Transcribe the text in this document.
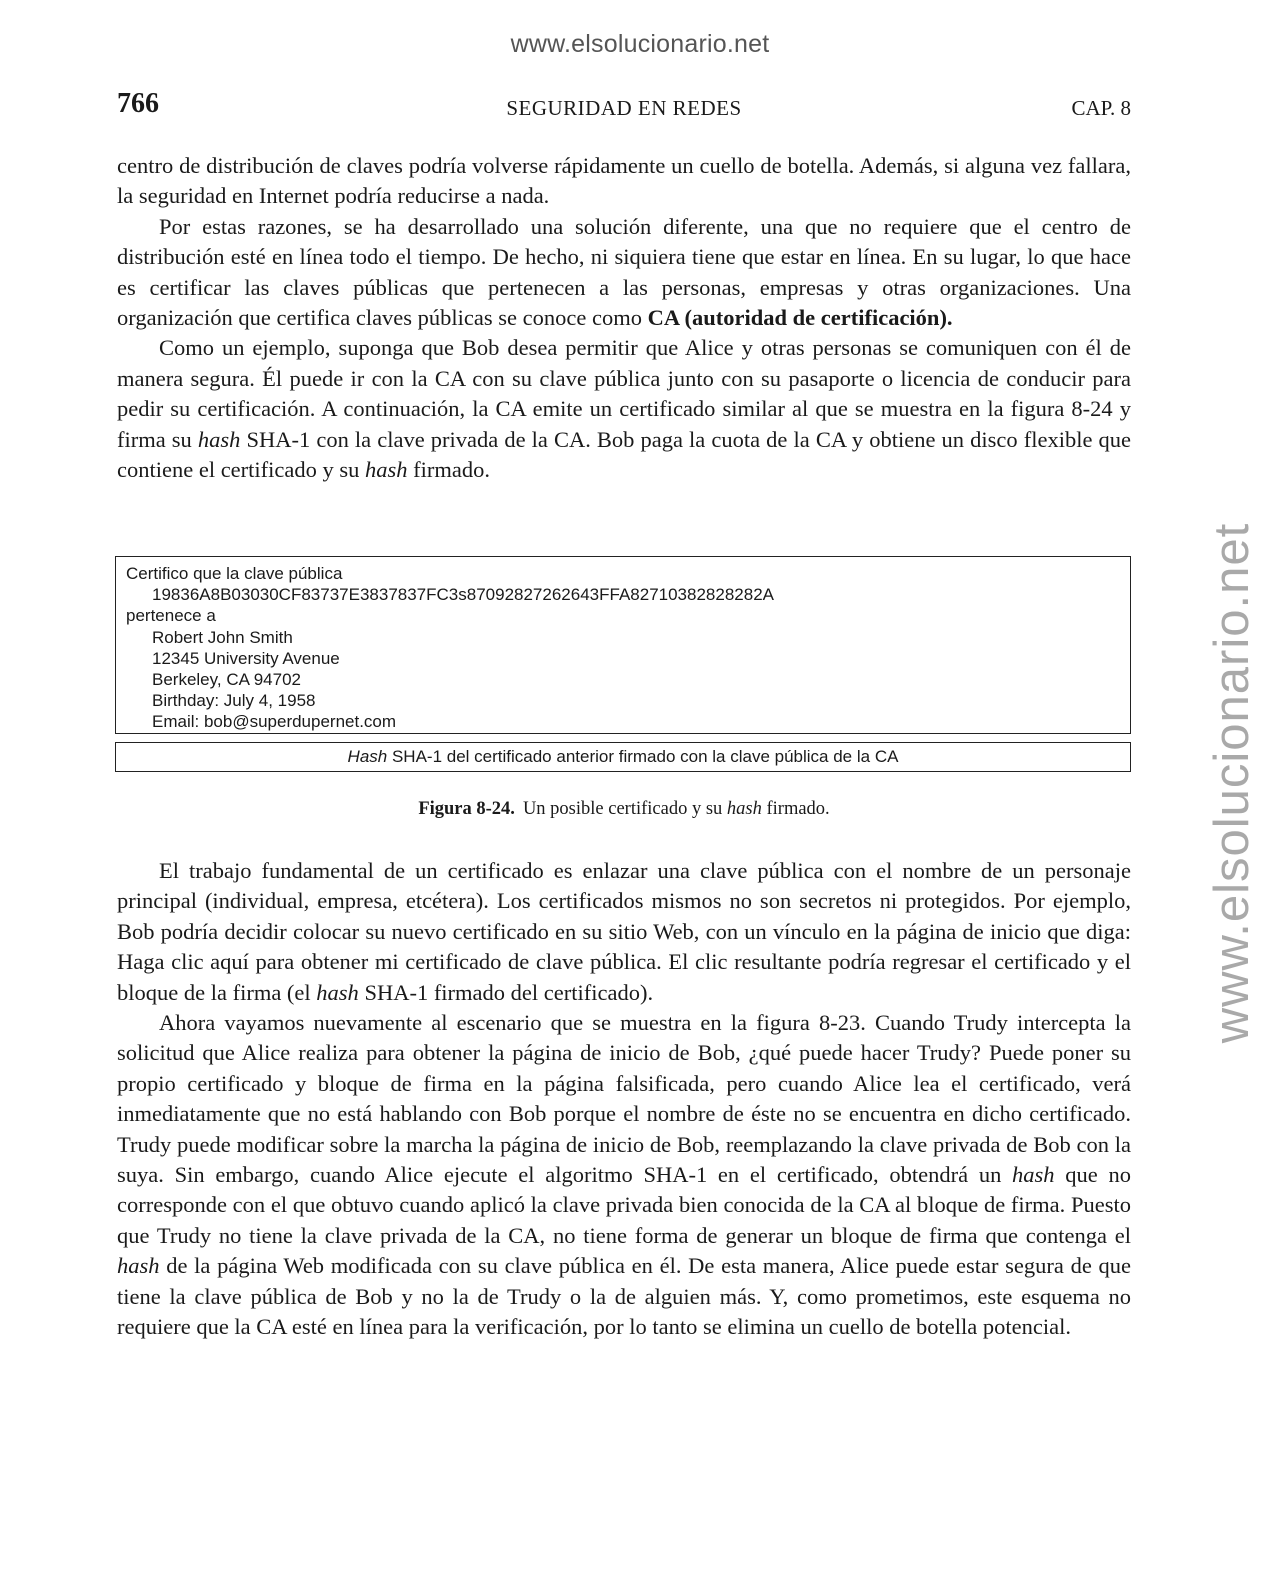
www.elsolucionario.net
www.elsolucionario.net
766	SEGURIDAD EN REDES	CAP. 8

centro de distribución de claves podría volverse rápidamente un cuello de botella. Además, si alguna vez fallara, la seguridad en Internet podría reducirse a nada.

Por estas razones, se ha desarrollado una solución diferente, una que no requiere que el centro de distribución esté en línea todo el tiempo. De hecho, ni siquiera tiene que estar en línea. En su lugar, lo que hace es certificar las claves públicas que pertenecen a las personas, empresas y otras organizaciones. Una organización que certifica claves públicas se conoce como CA (autoridad de certificación).

Como un ejemplo, suponga que Bob desea permitir que Alice y otras personas se comuniquen con él de manera segura. Él puede ir con la CA con su clave pública junto con su pasaporte o licencia de conducir para pedir su certificación. A continuación, la CA emite un certificado similar al que se muestra en la figura 8-24 y firma su hash SHA-1 con la clave privada de la CA. Bob paga la cuota de la CA y obtiene un disco flexible que contiene el certificado y su hash firmado.

Certifico que la clave pública
19836A8B03030CF83737E3837837FC3s87092827262643FFA82710382828282A
pertenece a
Robert John Smith
12345 University Avenue
Berkeley, CA 94702
Birthday: July 4, 1958
Email: bob@superdupernet.com
Hash SHA-1 del certificado anterior firmado con la clave pública de la CA
Figura 8-24. Un posible certificado y su hash firmado.

El trabajo fundamental de un certificado es enlazar una clave pública con el nombre de un personaje principal (individual, empresa, etcétera). Los certificados mismos no son secretos ni protegidos. Por ejemplo, Bob podría decidir colocar su nuevo certificado en su sitio Web, con un vínculo en la página de inicio que diga: Haga clic aquí para obtener mi certificado de clave pública. El clic resultante podría regresar el certificado y el bloque de la firma (el hash SHA-1 firmado del certificado).

Ahora vayamos nuevamente al escenario que se muestra en la figura 8-23. Cuando Trudy intercepta la solicitud que Alice realiza para obtener la página de inicio de Bob, ¿qué puede hacer Trudy? Puede poner su propio certificado y bloque de firma en la página falsificada, pero cuando Alice lea el certificado, verá inmediatamente que no está hablando con Bob porque el nombre de éste no se encuentra en dicho certificado. Trudy puede modificar sobre la marcha la página de inicio de Bob, reemplazando la clave privada de Bob con la suya. Sin embargo, cuando Alice ejecute el algoritmo SHA-1 en el certificado, obtendrá un hash que no corresponde con el que obtuvo cuando aplicó la clave privada bien conocida de la CA al bloque de firma. Puesto que Trudy no tiene la clave privada de la CA, no tiene forma de generar un bloque de firma que contenga el hash de la página Web modificada con su clave pública en él. De esta manera, Alice puede estar segura de que tiene la clave pública de Bob y no la de Trudy o la de alguien más. Y, como prometimos, este esquema no requiere que la CA esté en línea para la verificación, por lo tanto se elimina un cuello de botella potencial.
